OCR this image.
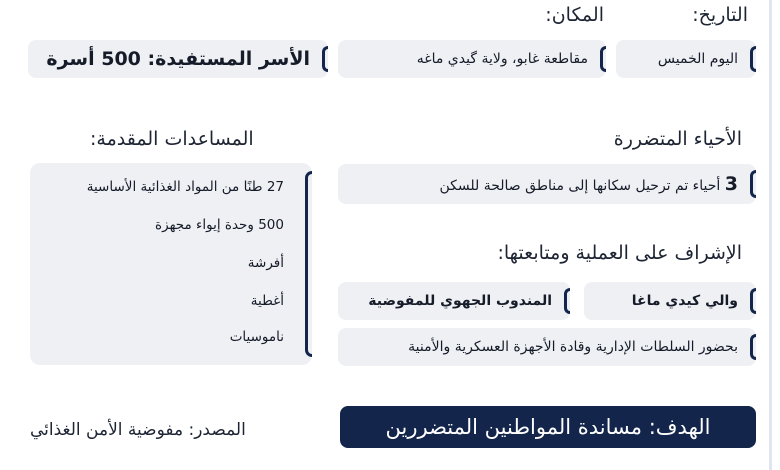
التاريخ:
المكان:
اليوم الخميس
مقاطعة غابو، ولاية گيدي ماغه
الأسر المستفيدة: 500 أسرة
الأحياء المتضررة
3 أحياء تم ترحيل سكانها إلى مناطق صالحة للسكن
الإشراف على العملية ومتابعتها:
والي كيدي ماغا
المندوب الجهوي للمفوضية
بحضور السلطات الإدارية وقادة الأجهزة العسكرية والأمنية
المساعدات المقدمة:
27 طنًا من المواد الغذائية الأساسية
500 وحدة إيواء مجهزة
أفرشة
أغطية
ناموسيات
الهدف: مساندة المواطنين المتضررين
المصدر: مفوضية الأمن الغذائي
